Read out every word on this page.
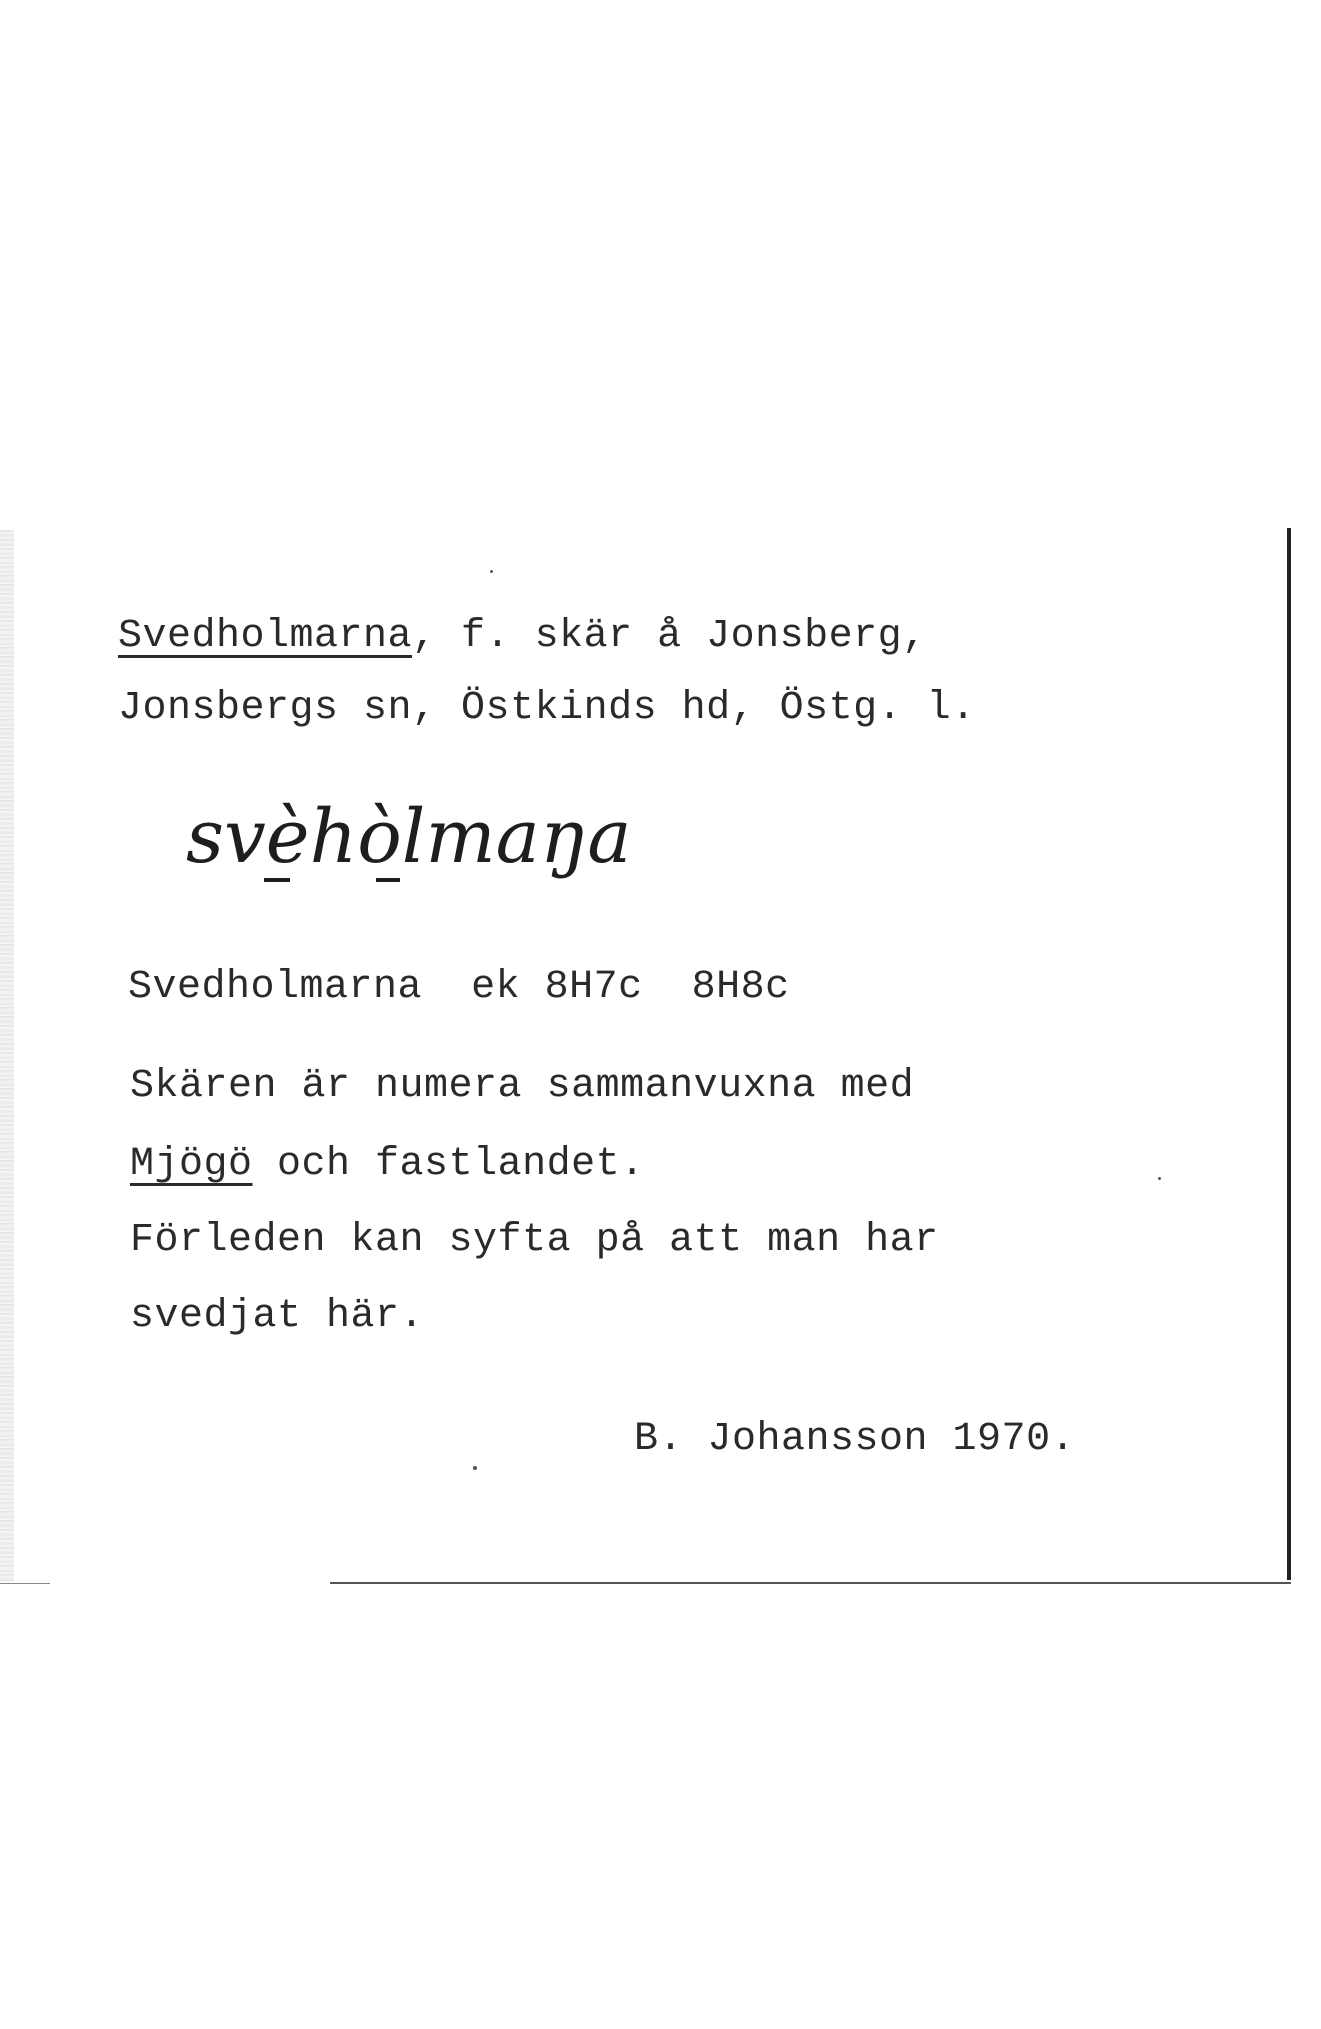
Svedholmarna, f. skär å Jonsberg,
Jonsbergs sn, Östkinds hd, Östg. l.
svèhòlmaŋa
Svedholmarna ek 8H7c 8H8c
Skären är numera sammanvuxna med
Mjögö och fastlandet.
Förleden kan syfta på att man har
svedjat här.
B. Johansson 1970.
